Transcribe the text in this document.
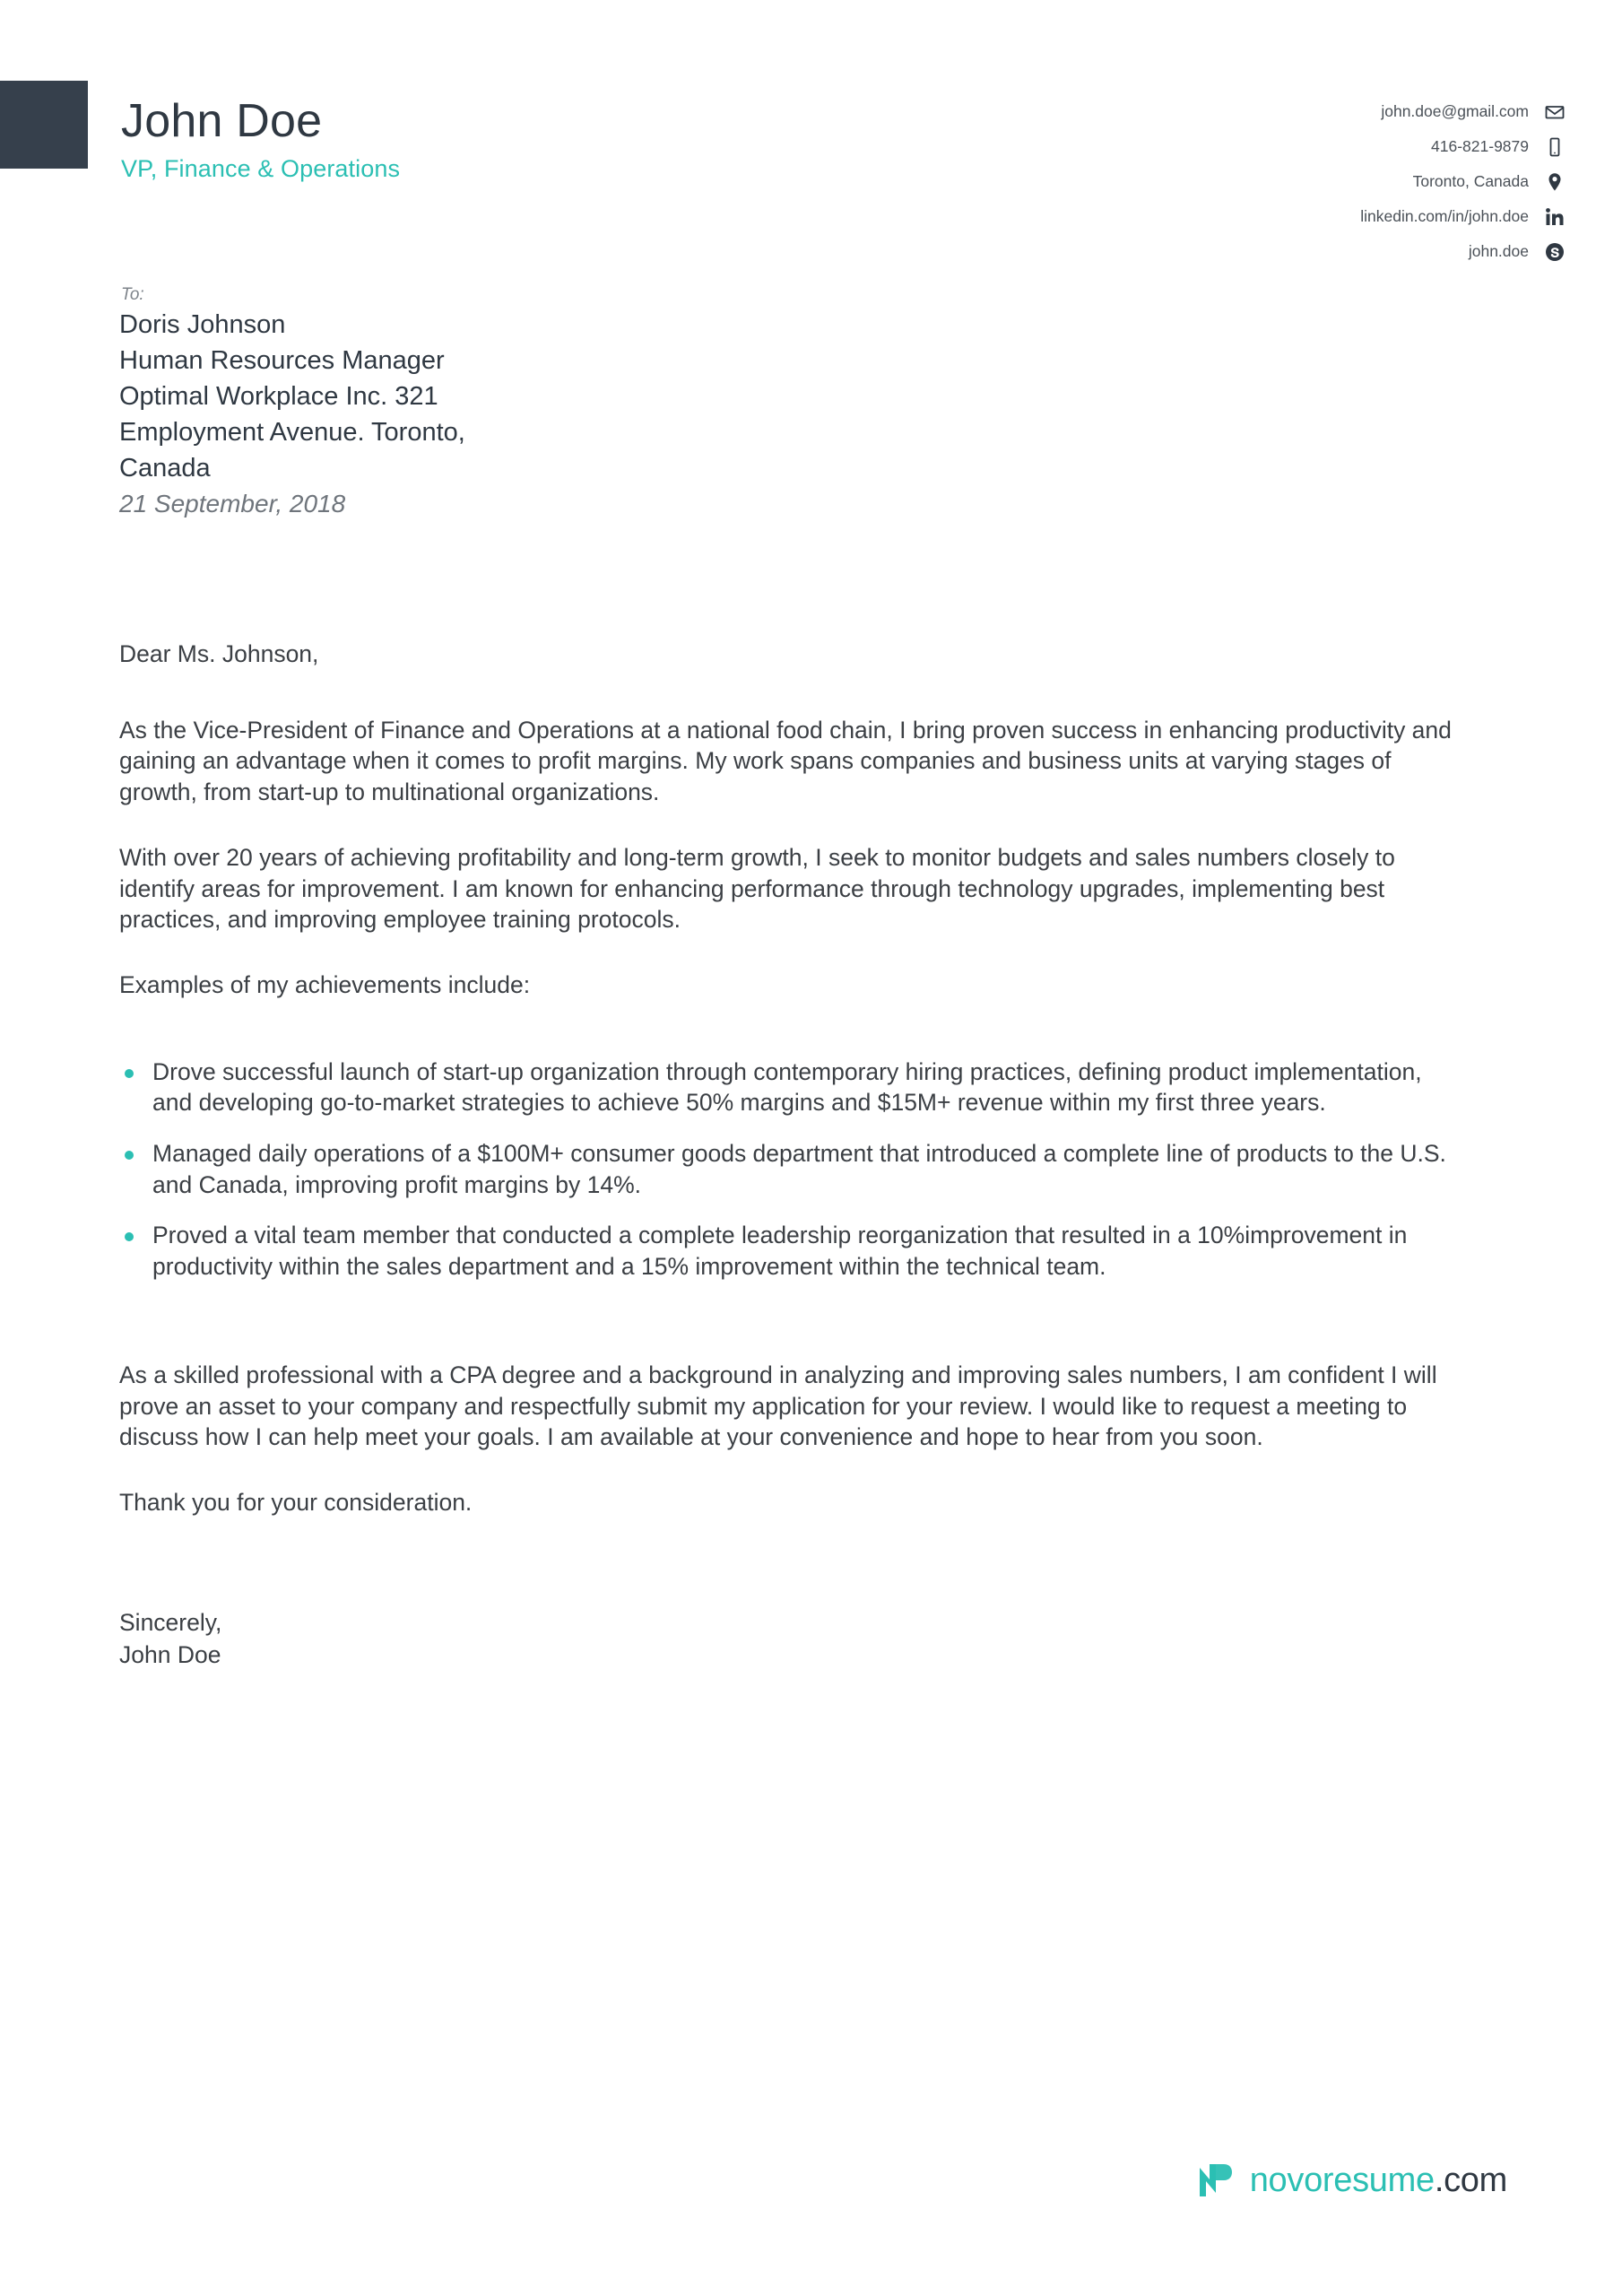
John Doe
VP, Finance & Operations
john.doe@gmail.com
416-821-9879
Toronto, Canada
linkedin.com/in/john.doe
john.doe
To:
Doris Johnson
Human Resources Manager
Optimal Workplace Inc. 321
Employment Avenue. Toronto,
Canada
21 September, 2018
Dear Ms. Johnson,
As the Vice-President of Finance and Operations at a national food chain, I bring proven success in enhancing productivity and gaining an advantage when it comes to profit margins. My work spans companies and business units at varying stages of growth, from start-up to multinational organizations.
With over 20 years of achieving profitability and long-term growth, I seek to monitor budgets and sales numbers closely to identify areas for improvement. I am known for enhancing performance through technology upgrades, implementing best practices, and improving employee training protocols.
Examples of my achievements include:
Drove successful launch of start-up organization through contemporary hiring practices, defining product implementation, and developing go-to-market strategies to achieve 50% margins and $15M+ revenue within my first three years.
Managed daily operations of a $100M+ consumer goods department that introduced a complete line of products to the U.S. and Canada, improving profit margins by 14%.
Proved a vital team member that conducted a complete leadership reorganization that resulted in a 10%improvement in productivity within the sales department and a 15% improvement within the technical team.
As a skilled professional with a CPA degree and a background in analyzing and improving sales numbers, I am confident I will prove an asset to your company and respectfully submit my application for your review. I would like to request a meeting to discuss how I can help meet your goals. I am available at your convenience and hope to hear from you soon.
Thank you for your consideration.
Sincerely,
John Doe
novoresume.com
